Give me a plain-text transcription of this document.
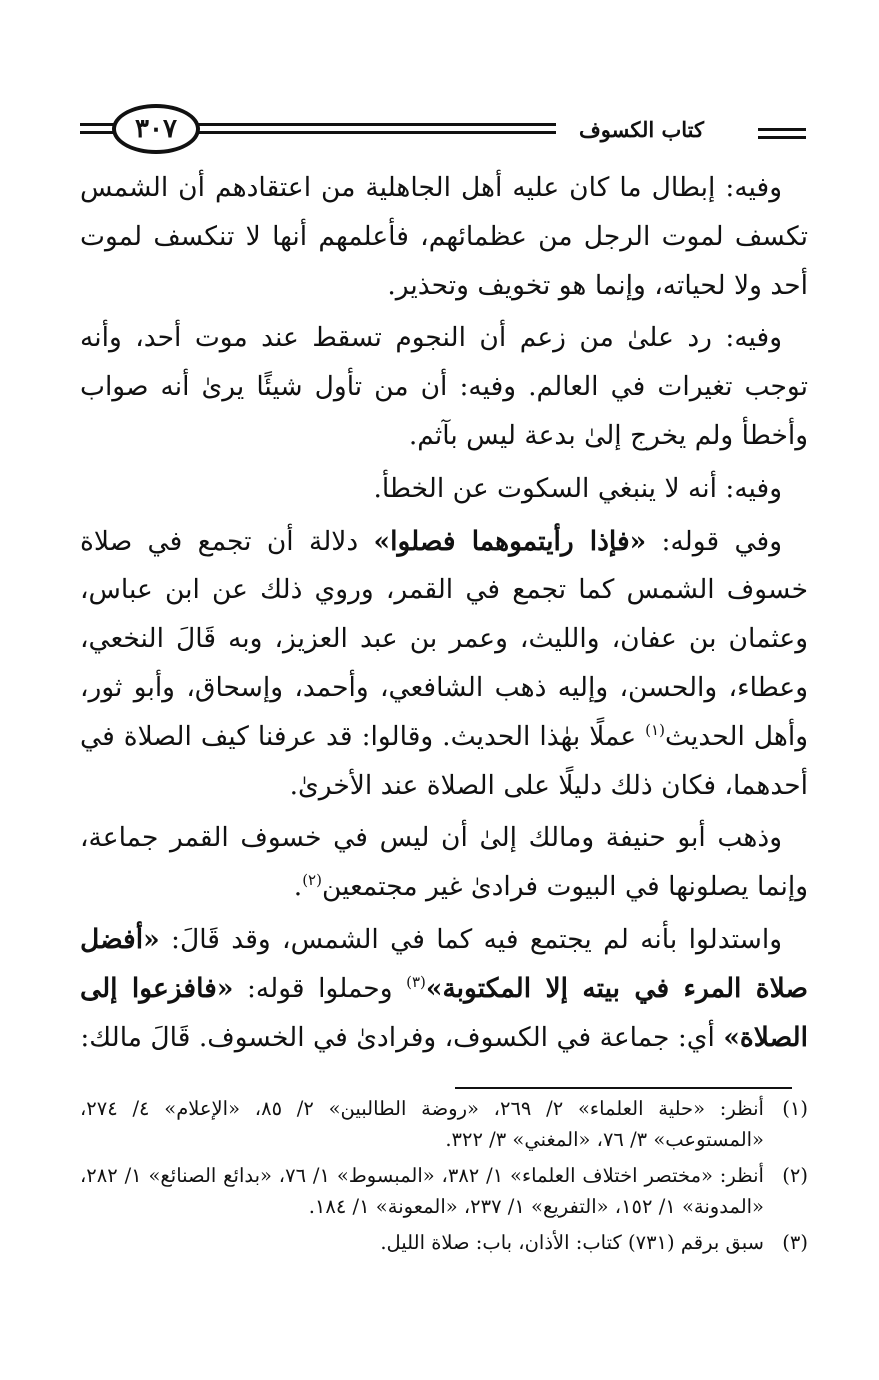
٣٠٧	كتاب الكسوف

وفيه: إبطال ما كان عليه أهل الجاهلية من اعتقادهم أن الشمس تكسف لموت الرجل من عظمائهم، فأعلمهم أنها لا تنكسف لموت أحد ولا لحياته، وإنما هو تخويف وتحذير.

وفيه: رد علىٰ من زعم أن النجوم تسقط عند موت أحد، وأنه توجب تغيرات في العالم. وفيه: أن من تأول شيئًا يرىٰ أنه صواب وأخطأ ولم يخرج إلىٰ بدعة ليس بآثم.

وفيه: أنه لا ينبغي السكوت عن الخطأ.

وفي قوله: «فإذا رأيتموهما فصلوا» دلالة أن تجمع في صلاة خسوف الشمس كما تجمع في القمر، وروي ذلك عن ابن عباس، وعثمان بن عفان، والليث، وعمر بن عبد العزيز، وبه قَالَ النخعي، وعطاء، والحسن، وإليه ذهب الشافعي، وأحمد، وإسحاق، وأبو ثور، وأهل الحديث$^{(١)}$ عملًا بهٰذا الحديث. وقالوا: قد عرفنا كيف الصلاة في أحدهما، فكان ذلك دليلًا على الصلاة عند الأخرىٰ.

وذهب أبو حنيفة ومالك إلىٰ أن ليس في خسوف القمر جماعة، وإنما يصلونها في البيوت فرادىٰ غير مجتمعين$^{(٢)}$.

واستدلوا بأنه لم يجتمع فيه كما في الشمس، وقد قَالَ: «أفضل صلاة المرء في بيته إلا المكتوبة»$^{(٣)}$ وحملوا قوله: «فافزعوا إلى الصلاة» أي: جماعة في الكسوف، وفرادىٰ في الخسوف. قَالَ مالك:

(١)
أنظر: «حلية العلماء» ٢/ ٢٦٩، «روضة الطالبين» ٢/ ٨٥، «الإعلام» ٤/ ٢٧٤، «المستوعب» ٣/ ٧٦، «المغني» ٣/ ٣٢٢.

(٢)
أنظر: «مختصر اختلاف العلماء» ١/ ٣٨٢، «المبسوط» ١/ ٧٦، «بدائع الصنائع» ١/ ٢٨٢، «المدونة» ١/ ١٥٢، «التفريع» ١/ ٢٣٧، «المعونة» ١/ ١٨٤.

(٣)
سبق برقم (٧٣١) كتاب: الأذان، باب: صلاة الليل.
